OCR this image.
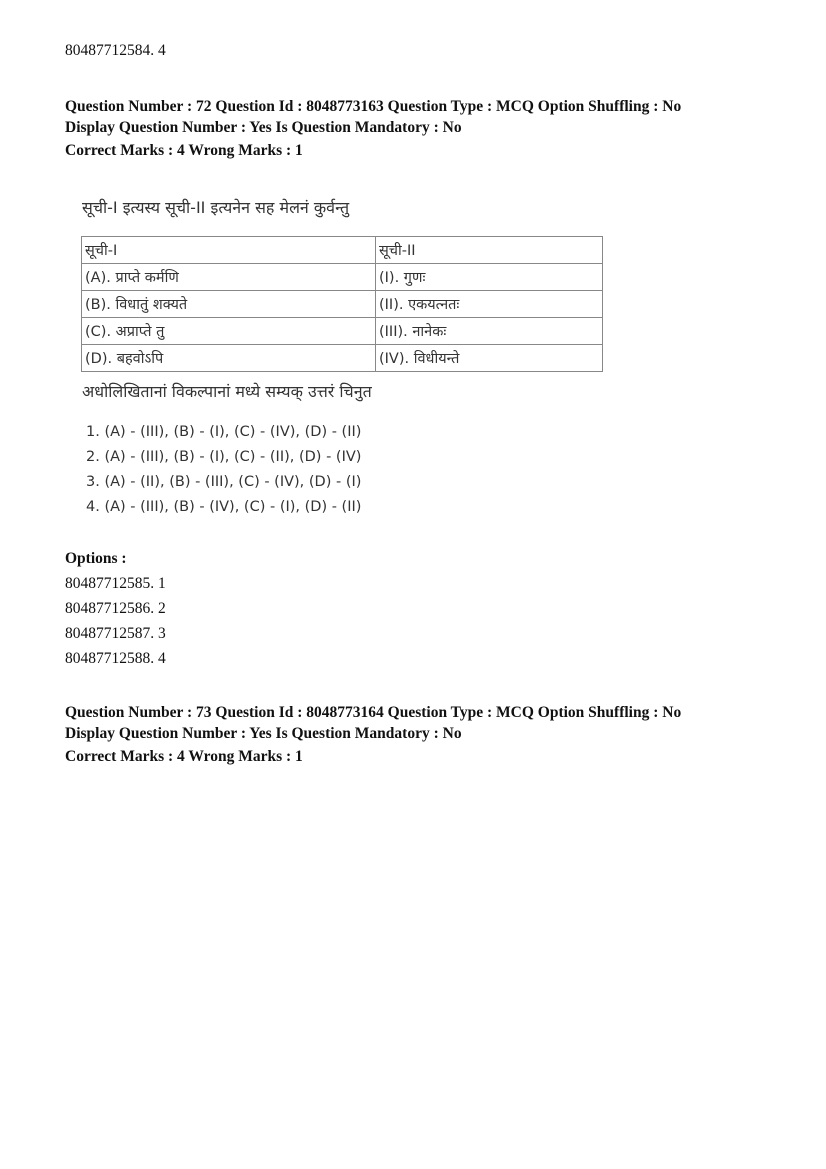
80487712584. 4
Question Number : 72 Question Id : 8048773163 Question Type : MCQ Option Shuffling : No
Display Question Number : Yes Is Question Mandatory : No
Correct Marks : 4 Wrong Marks : 1
सूची-I इत्यस्य सूची-II इत्यनेन सह मेलनं कुर्वन्तु
सूची-I	सूची-II
(A). प्राप्ते कर्मणि	(I). गुणः
(B). विधातुं शक्यते	(II). एकयत्नतः
(C). अप्राप्ते तु	(III). नानेकः
(D). बहवोऽपि	(IV). विधीयन्ते
अधोलिखितानां विकल्पानां मध्ये सम्यक् उत्तरं चिनुत
1. (A) - (III), (B) - (I), (C) - (IV), (D) - (II)
2. (A) - (III), (B) - (I), (C) - (II), (D) - (IV)
3. (A) - (II), (B) - (III), (C) - (IV), (D) - (I)
4. (A) - (III), (B) - (IV), (C) - (I), (D) - (II)
Options :
80487712585. 1
80487712586. 2
80487712587. 3
80487712588. 4
Question Number : 73 Question Id : 8048773164 Question Type : MCQ Option Shuffling : No
Display Question Number : Yes Is Question Mandatory : No
Correct Marks : 4 Wrong Marks : 1
